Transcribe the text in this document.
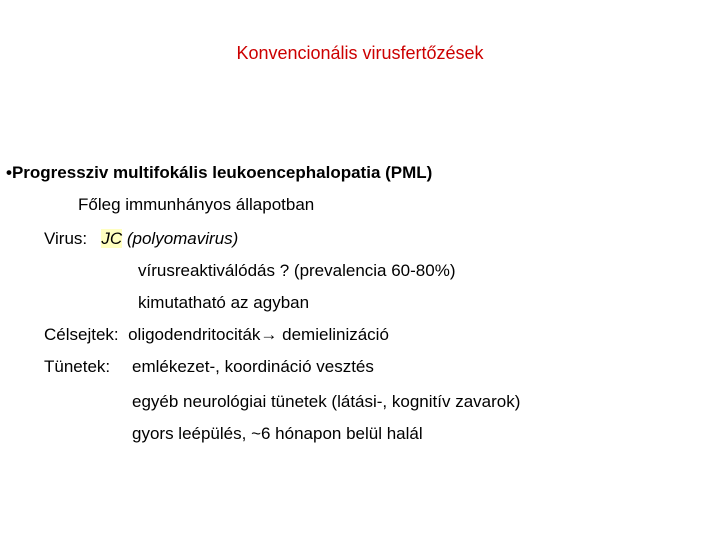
Konvencionális virusfertőzések
•Progressziv multifokális leukoencephalopatia (PML)
Főleg immunhányos állapotban
Virus: JC (polyomavirus)
vírusreaktiválódás ? (prevalencia 60-80%)
kimutatható az agyban
Célsejtek: oligodendritociták→ demielinizáció
Tünetek: emlékezet-, koordináció vesztés
egyéb neurológiai tünetek (látási-, kognitív zavarok)
gyors leépülés, ~6 hónapon belül halál
